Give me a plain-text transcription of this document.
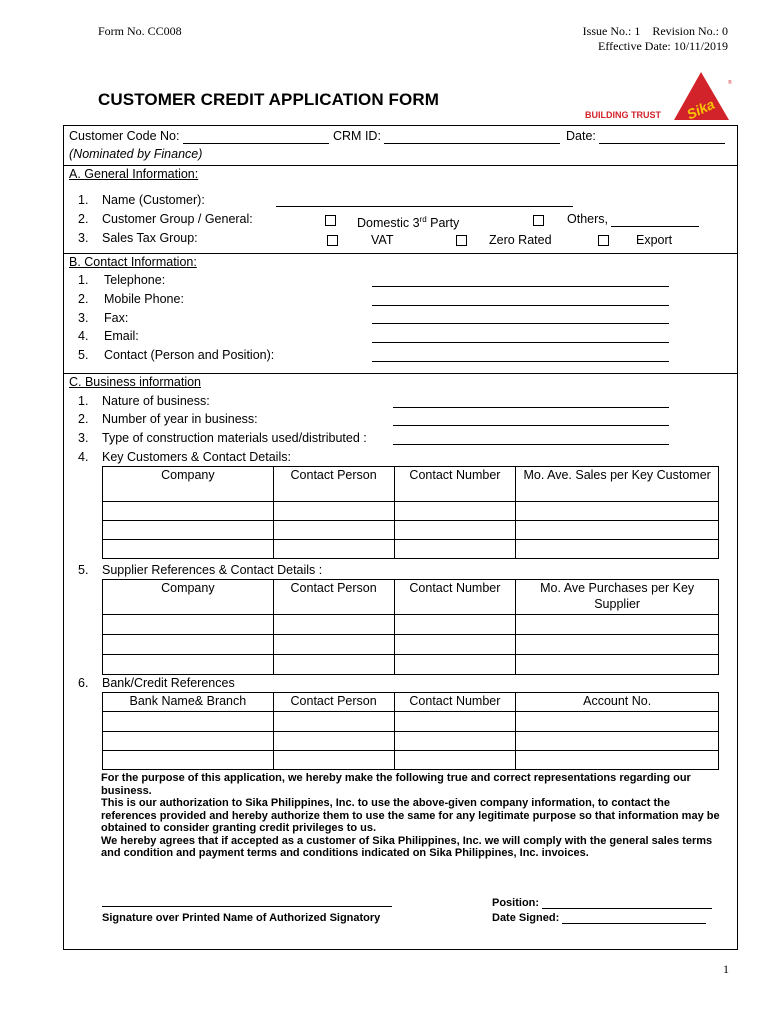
Form No. CC008	Issue No.: 1    Revision No.: 0
Effective Date: 10/11/2019
CUSTOMER CREDIT APPLICATION FORM
BUILDING TRUST Sika
®
Customer Code No:	CRM ID:	Date:
(Nominated by Finance)
A. General Information:
1. Name (Customer):
2. Customer Group / General:	Domestic 3rd Party	Others,
3. Sales Tax Group:	VAT	Zero Rated	Export
B. Contact Information:
1. Telephone:
2. Mobile Phone:
3. Fax:
4. Email:
5. Contact (Person and Position):
C. Business information
1. Nature of business:
2. Number of year in business:
3. Type of construction materials used/distributed :
4. Key Customers & Contact Details:
Company	Contact Person	Contact Number	Mo. Ave. Sales per Key Customer

5. Supplier References & Contact Details :
Company	Contact Person	Contact Number	Mo. Ave Purchases per Key Supplier

6. Bank/Credit References
Bank Name& Branch	Contact Person	Contact Number	Account No.

For the purpose of this application, we hereby make the following true and correct representations regarding our business.

This is our authorization to Sika Philippines, Inc. to use the above-given company information, to contact the references provided and hereby authorize them to use the same for any legitimate purpose so that information may be obtained to consider granting credit privileges to us.

We hereby agrees that if accepted as a customer of Sika Philippines, Inc. we will comply with the general sales terms and condition and payment terms and conditions indicated on Sika Philippines, Inc. invoices.

Signature over Printed Name of Authorized Signatory
Position:
Date Signed:
1
